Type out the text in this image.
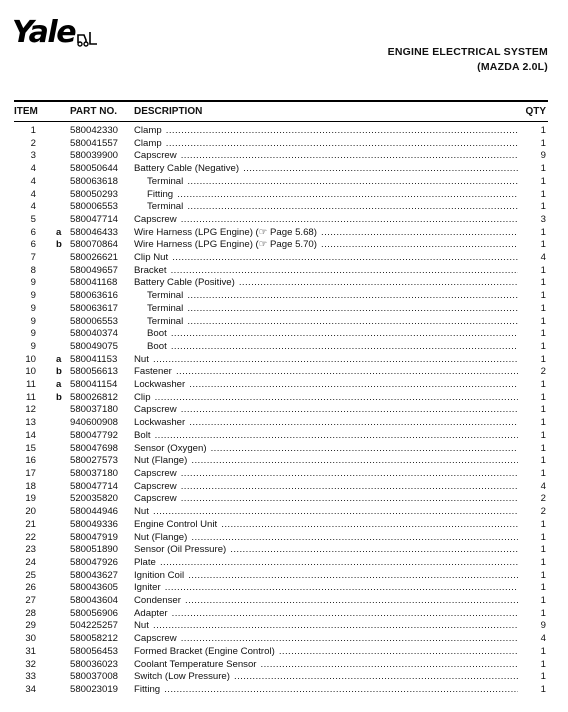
Yale
ENGINE ELECTRICAL SYSTEM
(MAZDA 2.0L)
ITEM	PART NO. DESCRIPTION	QTY
1	580042330 Clamp .....	1
2	580041557 Clamp .....	1
3	580039900 Capscrew .....	9
4	580050644 Battery Cable (Negative) .....	1
4	580063618	Terminal .....	1
4	580050293	Fitting .....	1
4	580006553	Terminal .....	1
5	580047714 Capscrew .....	3
6 a 580046433 Wire Harness (LPG Engine) (☞ Page 5.68) .....	1
6 b 580070864 Wire Harness (LPG Engine) (☞ Page 5.70) .....	1
7	580026621 Clip Nut .....	4
8	580049657 Bracket .....	1
9	580041168 Battery Cable (Positive) .....	1
9	580063616	Terminal .....	1
9	580063617	Terminal .....	1
9	580006553	Terminal .....	1
9	580040374	Boot .....	1
9	580049075	Boot .....	1
10 a 580041153 Nut .....	1
10 b 580056613 Fastener .....	2
11 a 580041154 Lockwasher .....	1
11 b 580026812 Clip .....	1
12	580037180 Capscrew .....	1
13	940600908 Lockwasher .....	1
14	580047792 Bolt .....	1
15	580047698 Sensor (Oxygen) .....	1
16	580027573 Nut (Flange) .....	1
17	580037180 Capscrew .....	1
18	580047714 Capscrew .....	4
19	520035820 Capscrew .....	2
20	580044946 Nut .....	2
21	580049336 Engine Control Unit .....	1
22	580047919 Nut (Flange) .....	1
23	580051890 Sensor (Oil Pressure) .....	1
24	580047926 Plate .....	1
25	580043627 Ignition Coil .....	1
26	580043605 Igniter .....	1
27	580043604 Condenser .....	1
28	580056906 Adapter .....	1
29	504225257 Nut .....	9
30	580058212 Capscrew .....	4
31	580056453 Formed Bracket (Engine Control) .....	1
32	580036023 Coolant Temperature Sensor .....	1
33	580037008 Switch (Low Pressure) .....	1
34	580023019 Fitting .....	1
